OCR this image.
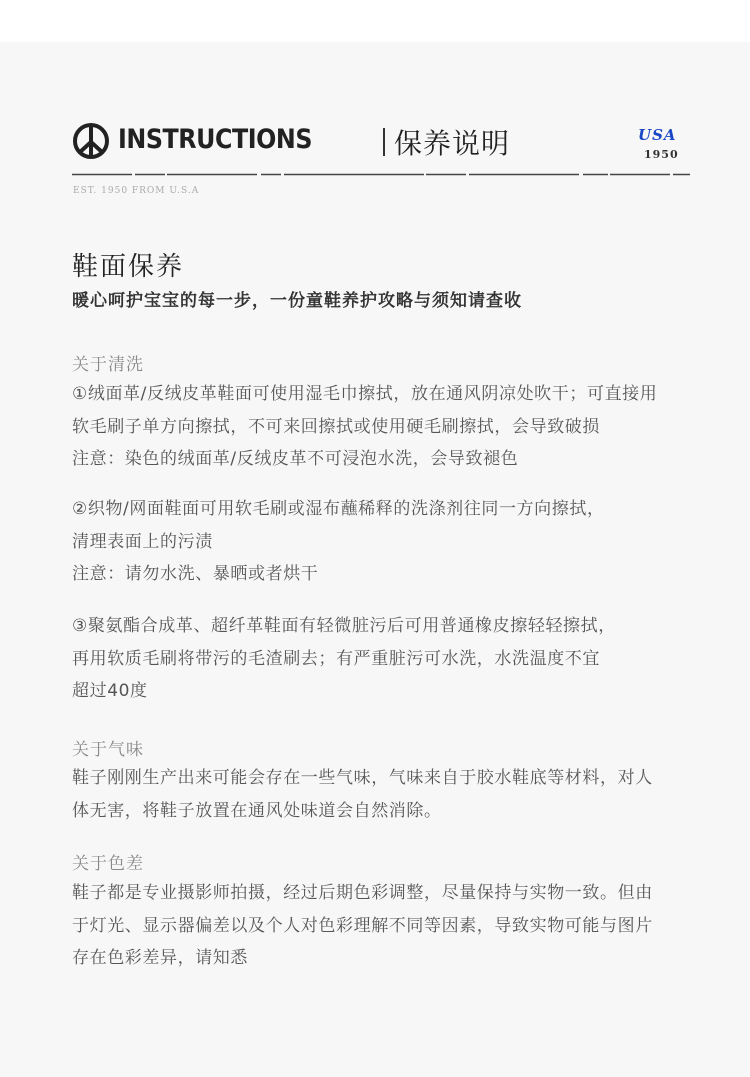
INSTRUCTIONS	保养说明	USA
1950
EST. 1950 FROM U.S.A
鞋面保养
暖心呵护宝宝的每一步，一份童鞋养护攻略与须知请查收
关于清洗
①绒面革/反绒皮革鞋面可使用湿毛巾擦拭，放在通风阴凉处吹干；可直接用
软毛刷子单方向擦拭，不可来回擦拭或使用硬毛刷擦拭，会导致破损
注意：染色的绒面革/反绒皮革不可浸泡水洗，会导致褪色
②织物/网面鞋面可用软毛刷或湿布蘸稀释的洗涤剂往同一方向擦拭，
清理表面上的污渍
注意：请勿水洗、暴晒或者烘干
③聚氨酯合成革、超纤革鞋面有轻微脏污后可用普通橡皮擦轻轻擦拭，
再用软质毛刷将带污的毛渣刷去；有严重脏污可水洗，水洗温度不宜
超过40度
关于气味
鞋子刚刚生产出来可能会存在一些气味，气味来自于胶水鞋底等材料，对人
体无害，将鞋子放置在通风处味道会自然消除。
关于色差
鞋子都是专业摄影师拍摄，经过后期色彩调整，尽量保持与实物一致。但由
于灯光、显示器偏差以及个人对色彩理解不同等因素，导致实物可能与图片
存在色彩差异，请知悉
